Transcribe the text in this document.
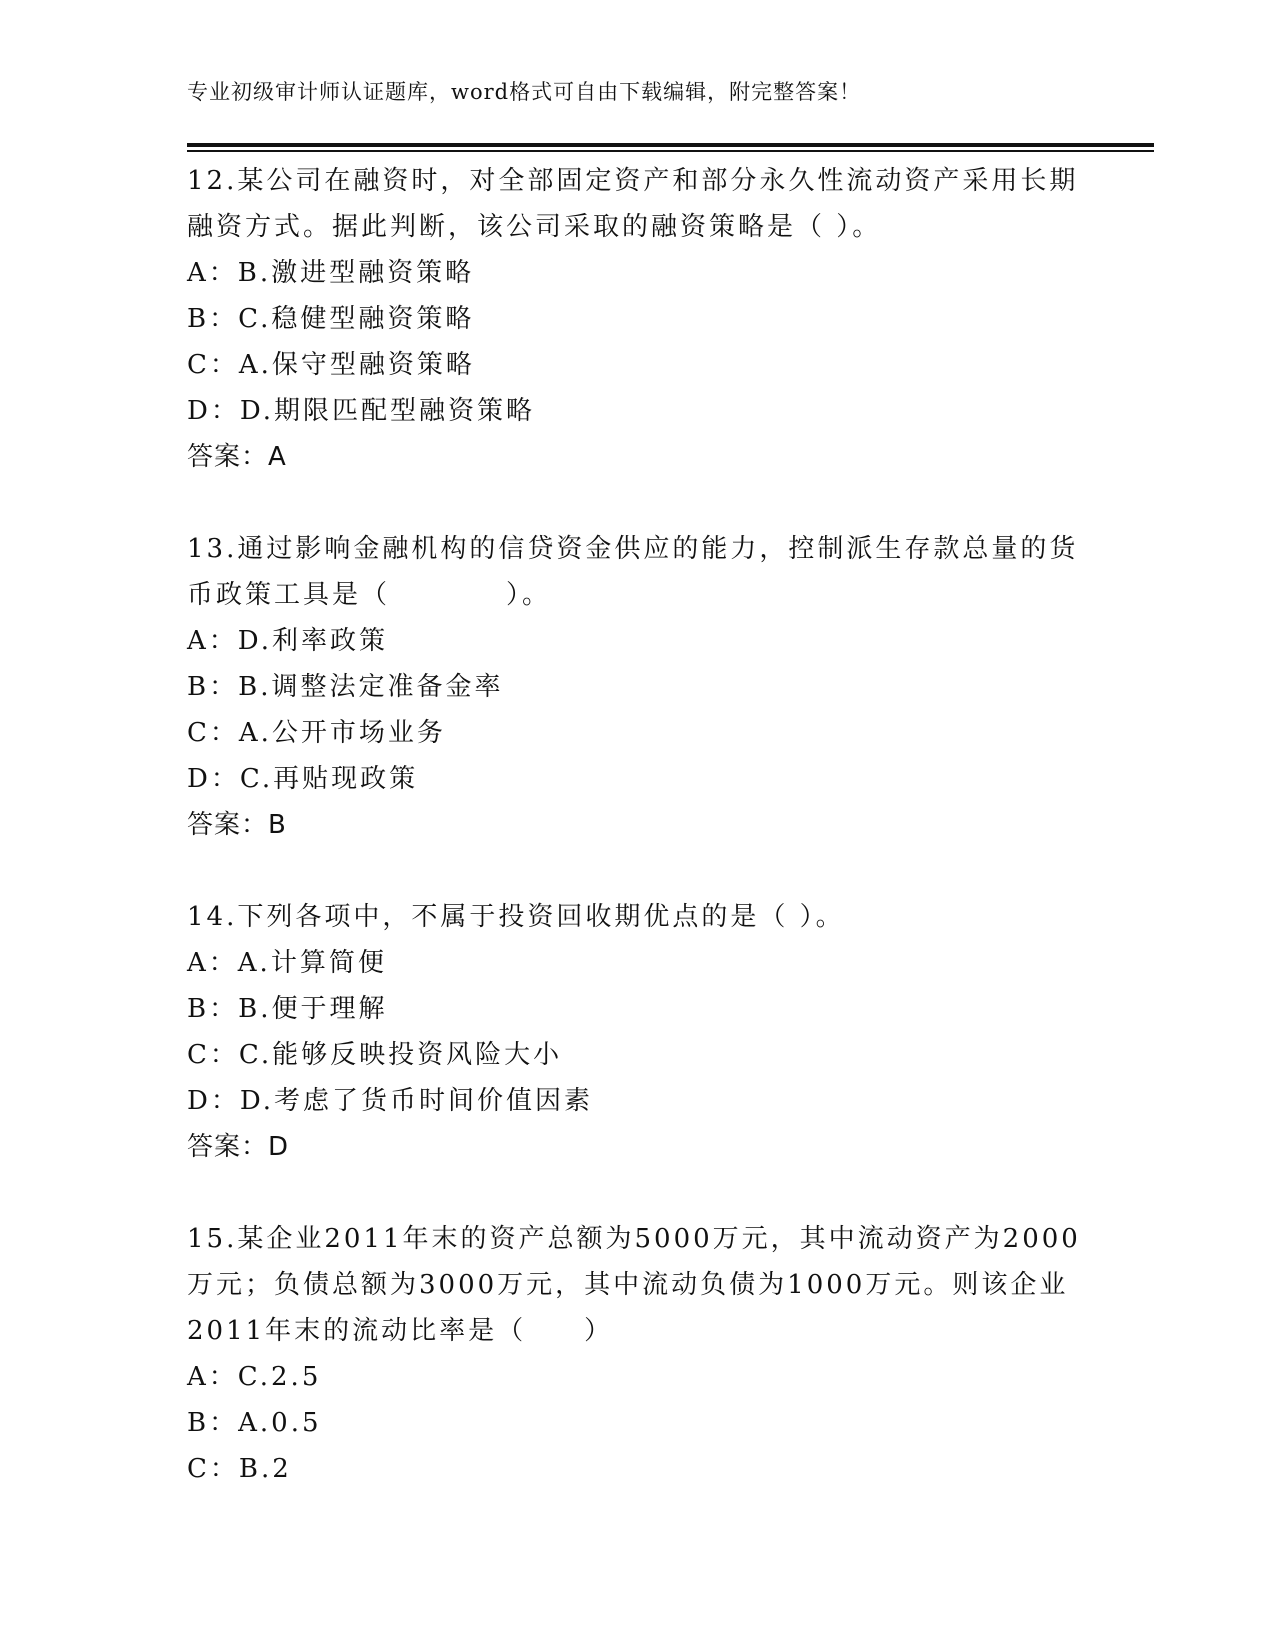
专业初级审计师认证题库，word格式可自由下载编辑，附完整答案！
12.某公司在融资时，对全部固定资产和部分永久性流动资产采用长期
融资方式。据此判断，该公司采取的融资策略是（ ）。
A：B.激进型融资策略
B：C.稳健型融资策略
C：A.保守型融资策略
D：D.期限匹配型融资策略
答案：A
13.通过影响金融机构的信贷资金供应的能力，控制派生存款总量的货
币政策工具是（　　　　）。
A：D.利率政策
B：B.调整法定准备金率
C：A.公开市场业务
D：C.再贴现政策
答案：B
14.下列各项中，不属于投资回收期优点的是（ ）。
A：A.计算简便
B：B.便于理解
C：C.能够反映投资风险大小
D：D.考虑了货币时间价值因素
答案：D
15.某企业2011年末的资产总额为5000万元，其中流动资产为2000
万元；负债总额为3000万元，其中流动负债为1000万元。则该企业
2011年末的流动比率是（　　）
A：C.2.5
B：A.0.5
C：B.2
